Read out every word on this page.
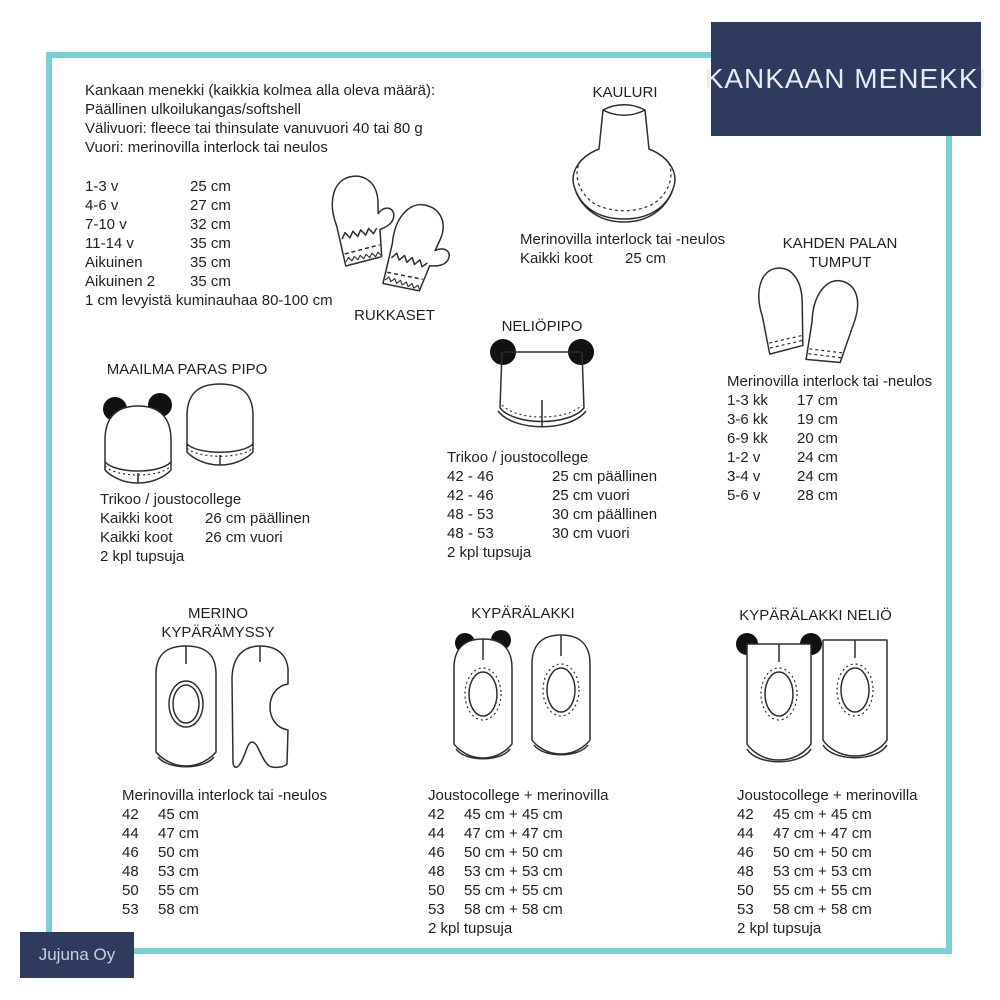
KANKAAN MENEKKI
Jujuna Oy
Kankaan menekki (kaikkia kolmea alla oleva määrä):
Päällinen ulkoilukangas/softshell
Välivuori: fleece tai thinsulate vanuvuori 40 tai 80 g
Vuori: merinovilla interlock tai neulos
1-3 v	25 cm
4-6 v	27 cm
7-10 v	32 cm
11-14 v	35 cm
Aikuinen	35 cm
Aikuinen 2	35 cm
1 cm levyistä kuminauhaa 80-100 cm
RUKKASET
KAULURI
Merinovilla interlock tai -neulos
Kaikki koot	25 cm
KAHDEN PALAN
TUMPUT
Merinovilla interlock tai -neulos
1-3 kk	17 cm
3-6 kk	19 cm
6-9 kk	20 cm
1-2 v	24 cm
3-4 v	24 cm
5-6 v	28 cm
MAAILMA PARAS PIPO
Trikoo / joustocollege
Kaikki koot	26 cm päällinen
Kaikki koot	26 cm vuori
2 kpl tupsuja
NELIÖPIPO
Trikoo / joustocollege
42 - 46	25 cm päällinen
42 - 46	25 cm vuori
48 - 53	30 cm päällinen
48 - 53	30 cm vuori
2 kpl tupsuja
MERINO
KYPÄRÄMYSSY
Merinovilla interlock tai -neulos
42	45 cm
44	47 cm
46	50 cm
48	53 cm
50	55 cm
53	58 cm
KYPÄRÄLAKKI
Joustocollege + merinovilla
42	45 cm + 45 cm
44	47 cm + 47 cm
46	50 cm + 50 cm
48	53 cm + 53 cm
50	55 cm + 55 cm
53	58 cm + 58 cm
2 kpl tupsuja
KYPÄRÄLAKKI NELIÖ
Joustocollege + merinovilla
42	45 cm + 45 cm
44	47 cm + 47 cm
46	50 cm + 50 cm
48	53 cm + 53 cm
50	55 cm + 55 cm
53	58 cm + 58 cm
2 kpl tupsuja
